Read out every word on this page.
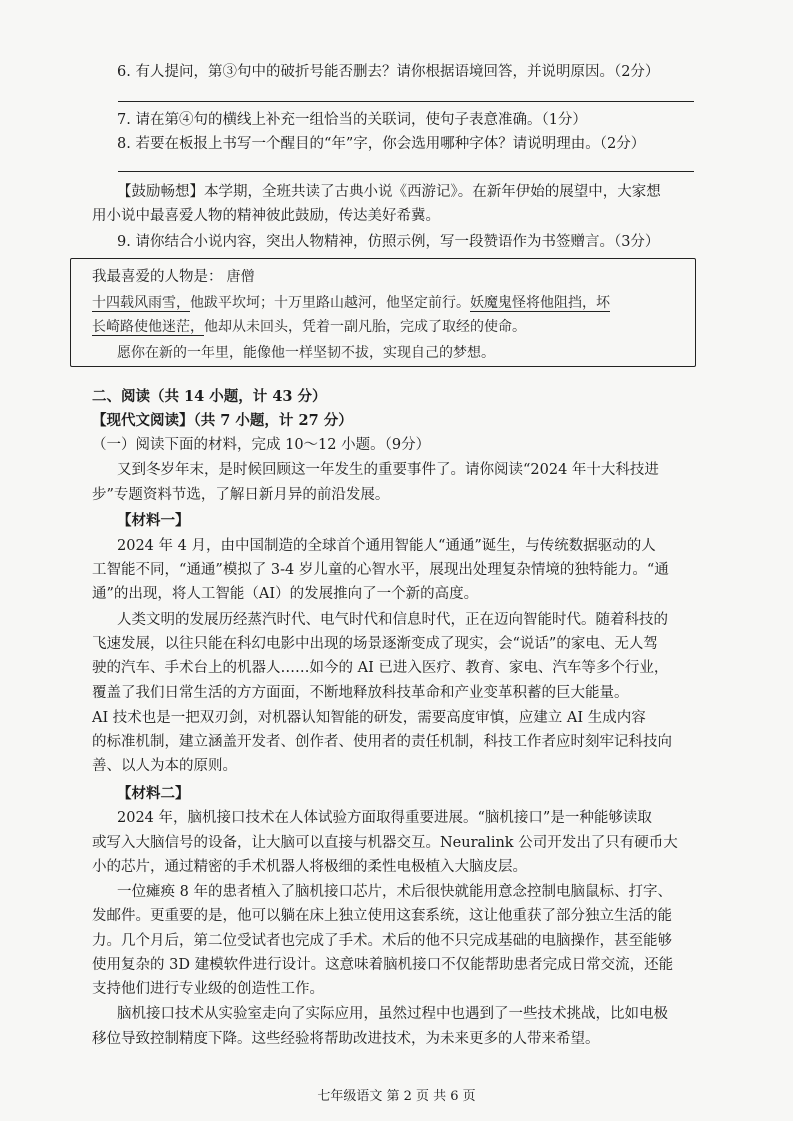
6. 有人提问，第③句中的破折号能否删去？请你根据语境回答，并说明原因。（2分）
7. 请在第④句的横线上补充一组恰当的关联词，使句子表意准确。（1分）
8. 若要在板报上书写一个醒目的“年”字，你会选用哪种字体？请说明理由。（2分）
【鼓励畅想】本学期，全班共读了古典小说《西游记》。在新年伊始的展望中，大家想
用小说中最喜爱人物的精神彼此鼓励，传达美好希冀。
9. 请你结合小说内容，突出人物精神，仿照示例，写一段赞语作为书签赠言。（3分）
我最喜爱的人物是： 唐僧
十四载风雨雪，他跋平坎坷；十万里路山越河，他坚定前行。妖魔鬼怪将他阻挡，坏
长崎路使他迷茫，他却从未回头，凭着一副凡胎，完成了取经的使命。
愿你在新的一年里，能像他一样坚韧不拔，实现自己的梦想。
二、阅读（共 14 小题，计 43 分）
【现代文阅读】（共 7 小题，计 27 分）
（一）阅读下面的材料，完成 10～12 小题。（9分）
又到冬岁年末，是时候回顾这一年发生的重要事件了。请你阅读“2024 年十大科技进
步”专题资料节选，了解日新月异的前沿发展。
【材料一】
2024 年 4 月，由中国制造的全球首个通用智能人“通通”诞生，与传统数据驱动的人
工智能不同，“通通”模拟了 3-4 岁儿童的心智水平，展现出处理复杂情境的独特能力。“通
通”的出现，将人工智能（AI）的发展推向了一个新的高度。
人类文明的发展历经蒸汽时代、电气时代和信息时代，正在迈向智能时代。随着科技的
飞速发展，以往只能在科幻电影中出现的场景逐渐变成了现实，会“说话”的家电、无人驾
驶的汽车、手术台上的机器人……如今的 AI 已进入医疗、教育、家电、汽车等多个行业，
覆盖了我们日常生活的方方面面，不断地释放科技革命和产业变革积蓄的巨大能量。
AI 技术也是一把双刃剑，对机器认知智能的研发，需要高度审慎，应建立 AI 生成内容
的标准机制，建立涵盖开发者、创作者、使用者的责任机制，科技工作者应时刻牢记科技向
善、以人为本的原则。
【材料二】
2024 年，脑机接口技术在人体试验方面取得重要进展。“脑机接口”是一种能够读取
或写入大脑信号的设备，让大脑可以直接与机器交互。Neuralink 公司开发出了只有硬币大
小的芯片，通过精密的手术机器人将极细的柔性电极植入大脑皮层。
一位瘫痪 8 年的患者植入了脑机接口芯片，术后很快就能用意念控制电脑鼠标、打字、
发邮件。更重要的是，他可以躺在床上独立使用这套系统，这让他重获了部分独立生活的能
力。几个月后，第二位受试者也完成了手术。术后的他不只完成基础的电脑操作，甚至能够
使用复杂的 3D 建模软件进行设计。这意味着脑机接口不仅能帮助患者完成日常交流，还能
支持他们进行专业级的创造性工作。
脑机接口技术从实验室走向了实际应用，虽然过程中也遇到了一些技术挑战，比如电极
移位导致控制精度下降。这些经验将帮助改进技术，为未来更多的人带来希望。
七年级语文 第 2 页 共 6 页
